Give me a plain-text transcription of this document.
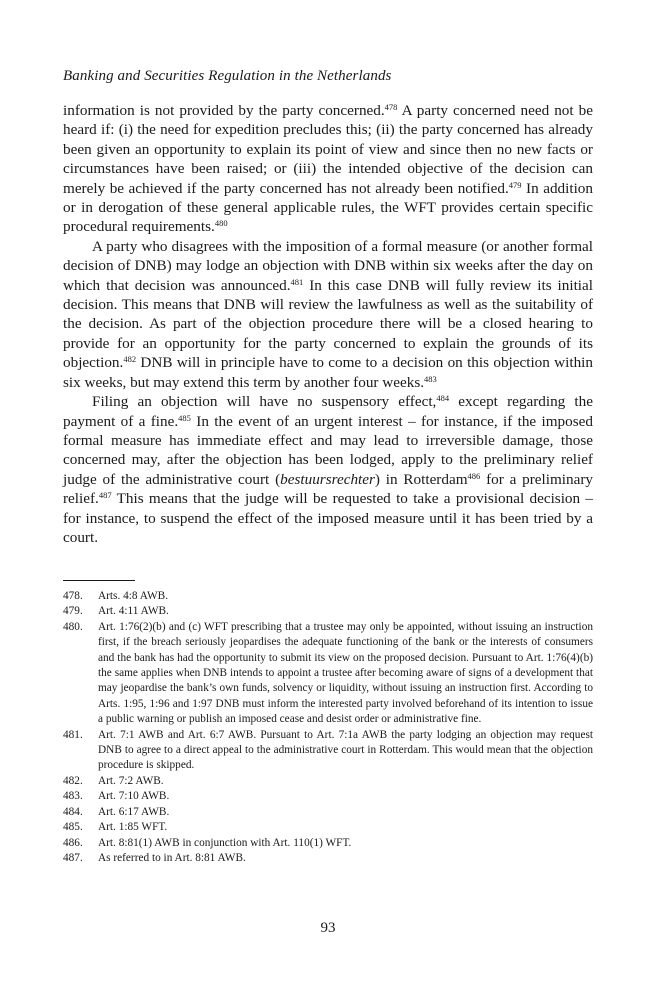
Banking and Securities Regulation in the Netherlands

information is not provided by the party concerned.$^{478}$ A party concerned need not be heard if: (i) the need for expedition precludes this; (ii) the party concerned has already been given an opportunity to explain its point of view and since then no new facts or circumstances have been raised; or (iii) the intended objective of the decision can merely be achieved if the party concerned has not already been notified.$^{479}$ In addition or in derogation of these general applicable rules, the WFT provides certain specific procedural requirements.$^{480}$

A party who disagrees with the imposition of a formal measure (or another formal decision of DNB) may lodge an objection with DNB within six weeks after the day on which that decision was announced.$^{481}$ In this case DNB will fully review its initial decision. This means that DNB will review the lawfulness as well as the suitability of the decision. As part of the objection procedure there will be a closed hearing to provide for an opportunity for the party concerned to explain the grounds of its objection.$^{482}$ DNB will in principle have to come to a decision on this objection within six weeks, but may extend this term by another four weeks.$^{483}$

Filing an objection will have no suspensory effect,$^{484}$ except regarding the payment of a fine.$^{485}$ In the event of an urgent interest – for instance, if the imposed formal measure has immediate effect and may lead to irreversible damage, those concerned may, after the objection has been lodged, apply to the preliminary relief judge of the administrative court (bestuursrechter) in Rotterdam$^{486}$ for a preliminary relief.$^{487}$ This means that the judge will be requested to take a provisional decision – for instance, to suspend the effect of the imposed measure until it has been tried by a court.

478.	Arts. 4:8 AWB.
479.	Art. 4:11 AWB.
480.	Art. 1:76(2)(b) and (c) WFT prescribing that a trustee may only be appointed, without issuing an instruction first, if the breach seriously jeopardises the adequate functioning of the bank or the interests of consumers and the bank has had the opportunity to submit its view on the proposed decision. Pursuant to Art. 1:76(4)(b) the same applies when DNB intends to appoint a trustee after becoming aware of signs of a development that may jeopardise the bank’s own funds, solvency or liquidity, without issuing an instruction first. According to Arts. 1:95, 1:96 and 1:97 DNB must inform the interested party involved beforehand of its intention to issue a public warning or publish an imposed cease and desist order or administrative fine.
481.	Art. 7:1 AWB and Art. 6:7 AWB. Pursuant to Art. 7:1a AWB the party lodging an objection may request DNB to agree to a direct appeal to the administrative court in Rotterdam. This would mean that the objection procedure is skipped.
482.	Art. 7:2 AWB.
483.	Art. 7:10 AWB.
484.	Art. 6:17 AWB.
485.	Art. 1:85 WFT.
486.	Art. 8:81(1) AWB in conjunction with Art. 110(1) WFT.
487.	As referred to in Art. 8:81 AWB.
93
